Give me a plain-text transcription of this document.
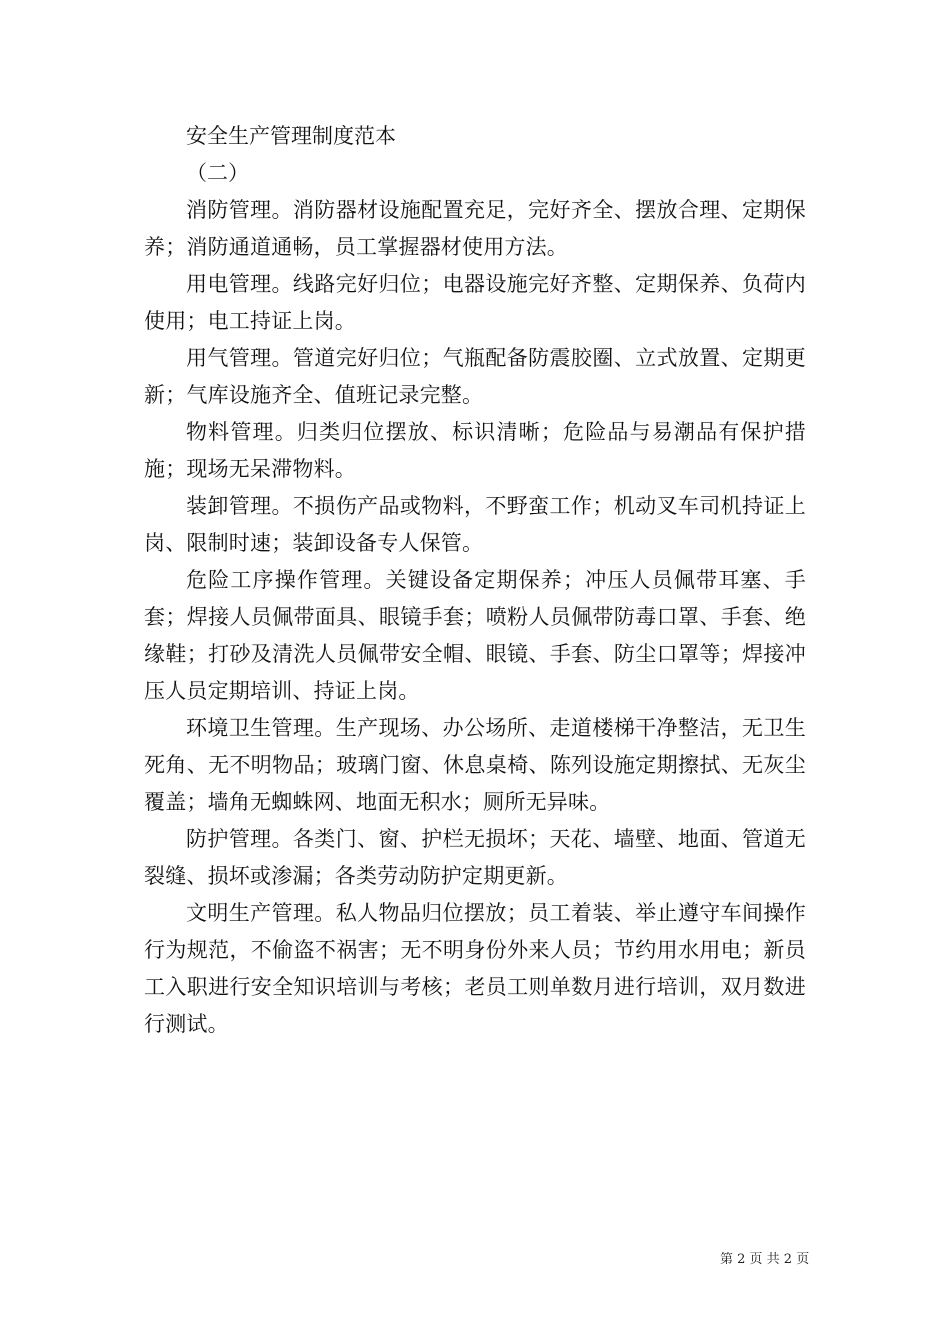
安全生产管理制度范本

（二）

消防管理。消防器材设施配置充足，完好齐全、摆放合理、定期保养；消防通道通畅，员工掌握器材使用方法。

用电管理。线路完好归位；电器设施完好齐整、定期保养、负荷内使用；电工持证上岗。

用气管理。管道完好归位；气瓶配备防震胶圈、立式放置、定期更新；气库设施齐全、值班记录完整。

物料管理。归类归位摆放、标识清晰；危险品与易潮品有保护措施；现场无呆滞物料。

装卸管理。不损伤产品或物料，不野蛮工作；机动叉车司机持证上岗、限制时速；装卸设备专人保管。

危险工序操作管理。关键设备定期保养；冲压人员佩带耳塞、手套；焊接人员佩带面具、眼镜手套；喷粉人员佩带防毒口罩、手套、绝缘鞋；打砂及清洗人员佩带安全帽、眼镜、手套、防尘口罩等；焊接冲压人员定期培训、持证上岗。

环境卫生管理。生产现场、办公场所、走道楼梯干净整洁，无卫生死角、无不明物品；玻璃门窗、休息桌椅、陈列设施定期擦拭、无灰尘覆盖；墙角无蜘蛛网、地面无积水；厕所无异味。

防护管理。各类门、窗、护栏无损坏；天花、墙壁、地面、管道无裂缝、损坏或渗漏；各类劳动防护定期更新。

文明生产管理。私人物品归位摆放；员工着装、举止遵守车间操作行为规范，不偷盗不祸害；无不明身份外来人员；节约用水用电；新员工入职进行安全知识培训与考核；老员工则单数月进行培训，双月数进行测试。

第 2 页 共 2 页
